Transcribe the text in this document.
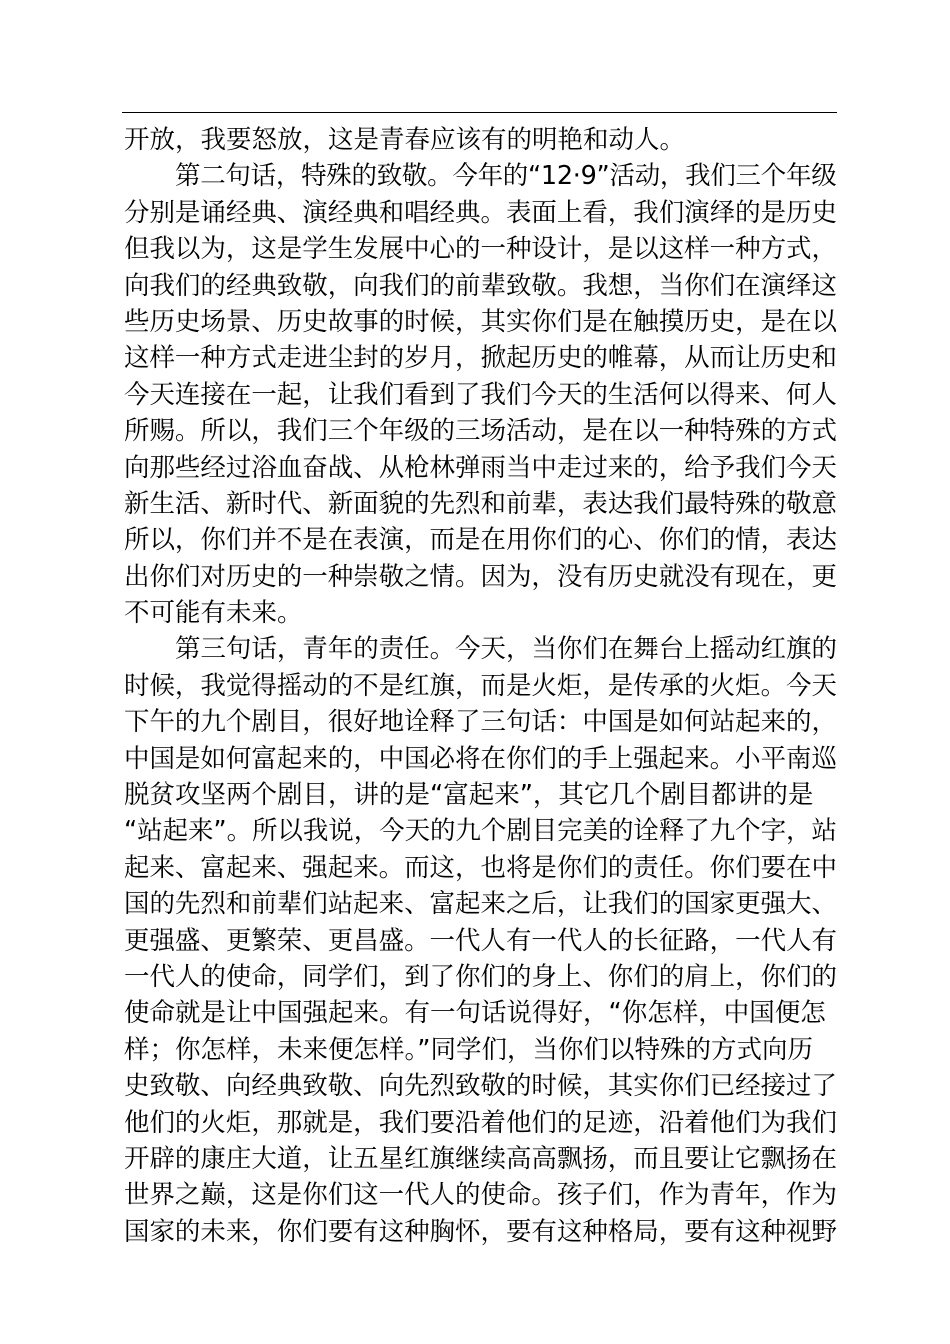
开放，我要怒放，这是青春应该有的明艳和动人。
第二句话，特殊的致敬。今年的“12·9”活动，我们三个年级
分别是诵经典、演经典和唱经典。表面上看，我们演绎的是历史
但我以为，这是学生发展中心的一种设计，是以这样一种方式，
向我们的经典致敬，向我们的前辈致敬。我想，当你们在演绎这
些历史场景、历史故事的时候，其实你们是在触摸历史，是在以
这样一种方式走进尘封的岁月，掀起历史的帷幕，从而让历史和
今天连接在一起，让我们看到了我们今天的生活何以得来、何人
所赐。所以，我们三个年级的三场活动，是在以一种特殊的方式
向那些经过浴血奋战、从枪林弹雨当中走过来的，给予我们今天
新生活、新时代、新面貌的先烈和前辈，表达我们最特殊的敬意
所以，你们并不是在表演，而是在用你们的心、你们的情，表达
出你们对历史的一种崇敬之情。因为，没有历史就没有现在，更
不可能有未来。
第三句话，青年的责任。今天，当你们在舞台上摇动红旗的
时候，我觉得摇动的不是红旗，而是火炬，是传承的火炬。今天
下午的九个剧目，很好地诠释了三句话：中国是如何站起来的，
中国是如何富起来的，中国必将在你们的手上强起来。小平南巡
脱贫攻坚两个剧目，讲的是“富起来”，其它几个剧目都讲的是
“站起来”。所以我说，今天的九个剧目完美的诠释了九个字，站
起来、富起来、强起来。而这，也将是你们的责任。你们要在中
国的先烈和前辈们站起来、富起来之后，让我们的国家更强大、
更强盛、更繁荣、更昌盛。一代人有一代人的长征路，一代人有
一代人的使命，同学们，到了你们的身上、你们的肩上，你们的
使命就是让中国强起来。有一句话说得好，“你怎样，中国便怎
样；你怎样，未来便怎样。”同学们，当你们以特殊的方式向历
史致敬、向经典致敬、向先烈致敬的时候，其实你们已经接过了
他们的火炬，那就是，我们要沿着他们的足迹，沿着他们为我们
开辟的康庄大道，让五星红旗继续高高飘扬，而且要让它飘扬在
世界之巅，这是你们这一代人的使命。孩子们，作为青年，作为
国家的未来，你们要有这种胸怀，要有这种格局，要有这种视野
